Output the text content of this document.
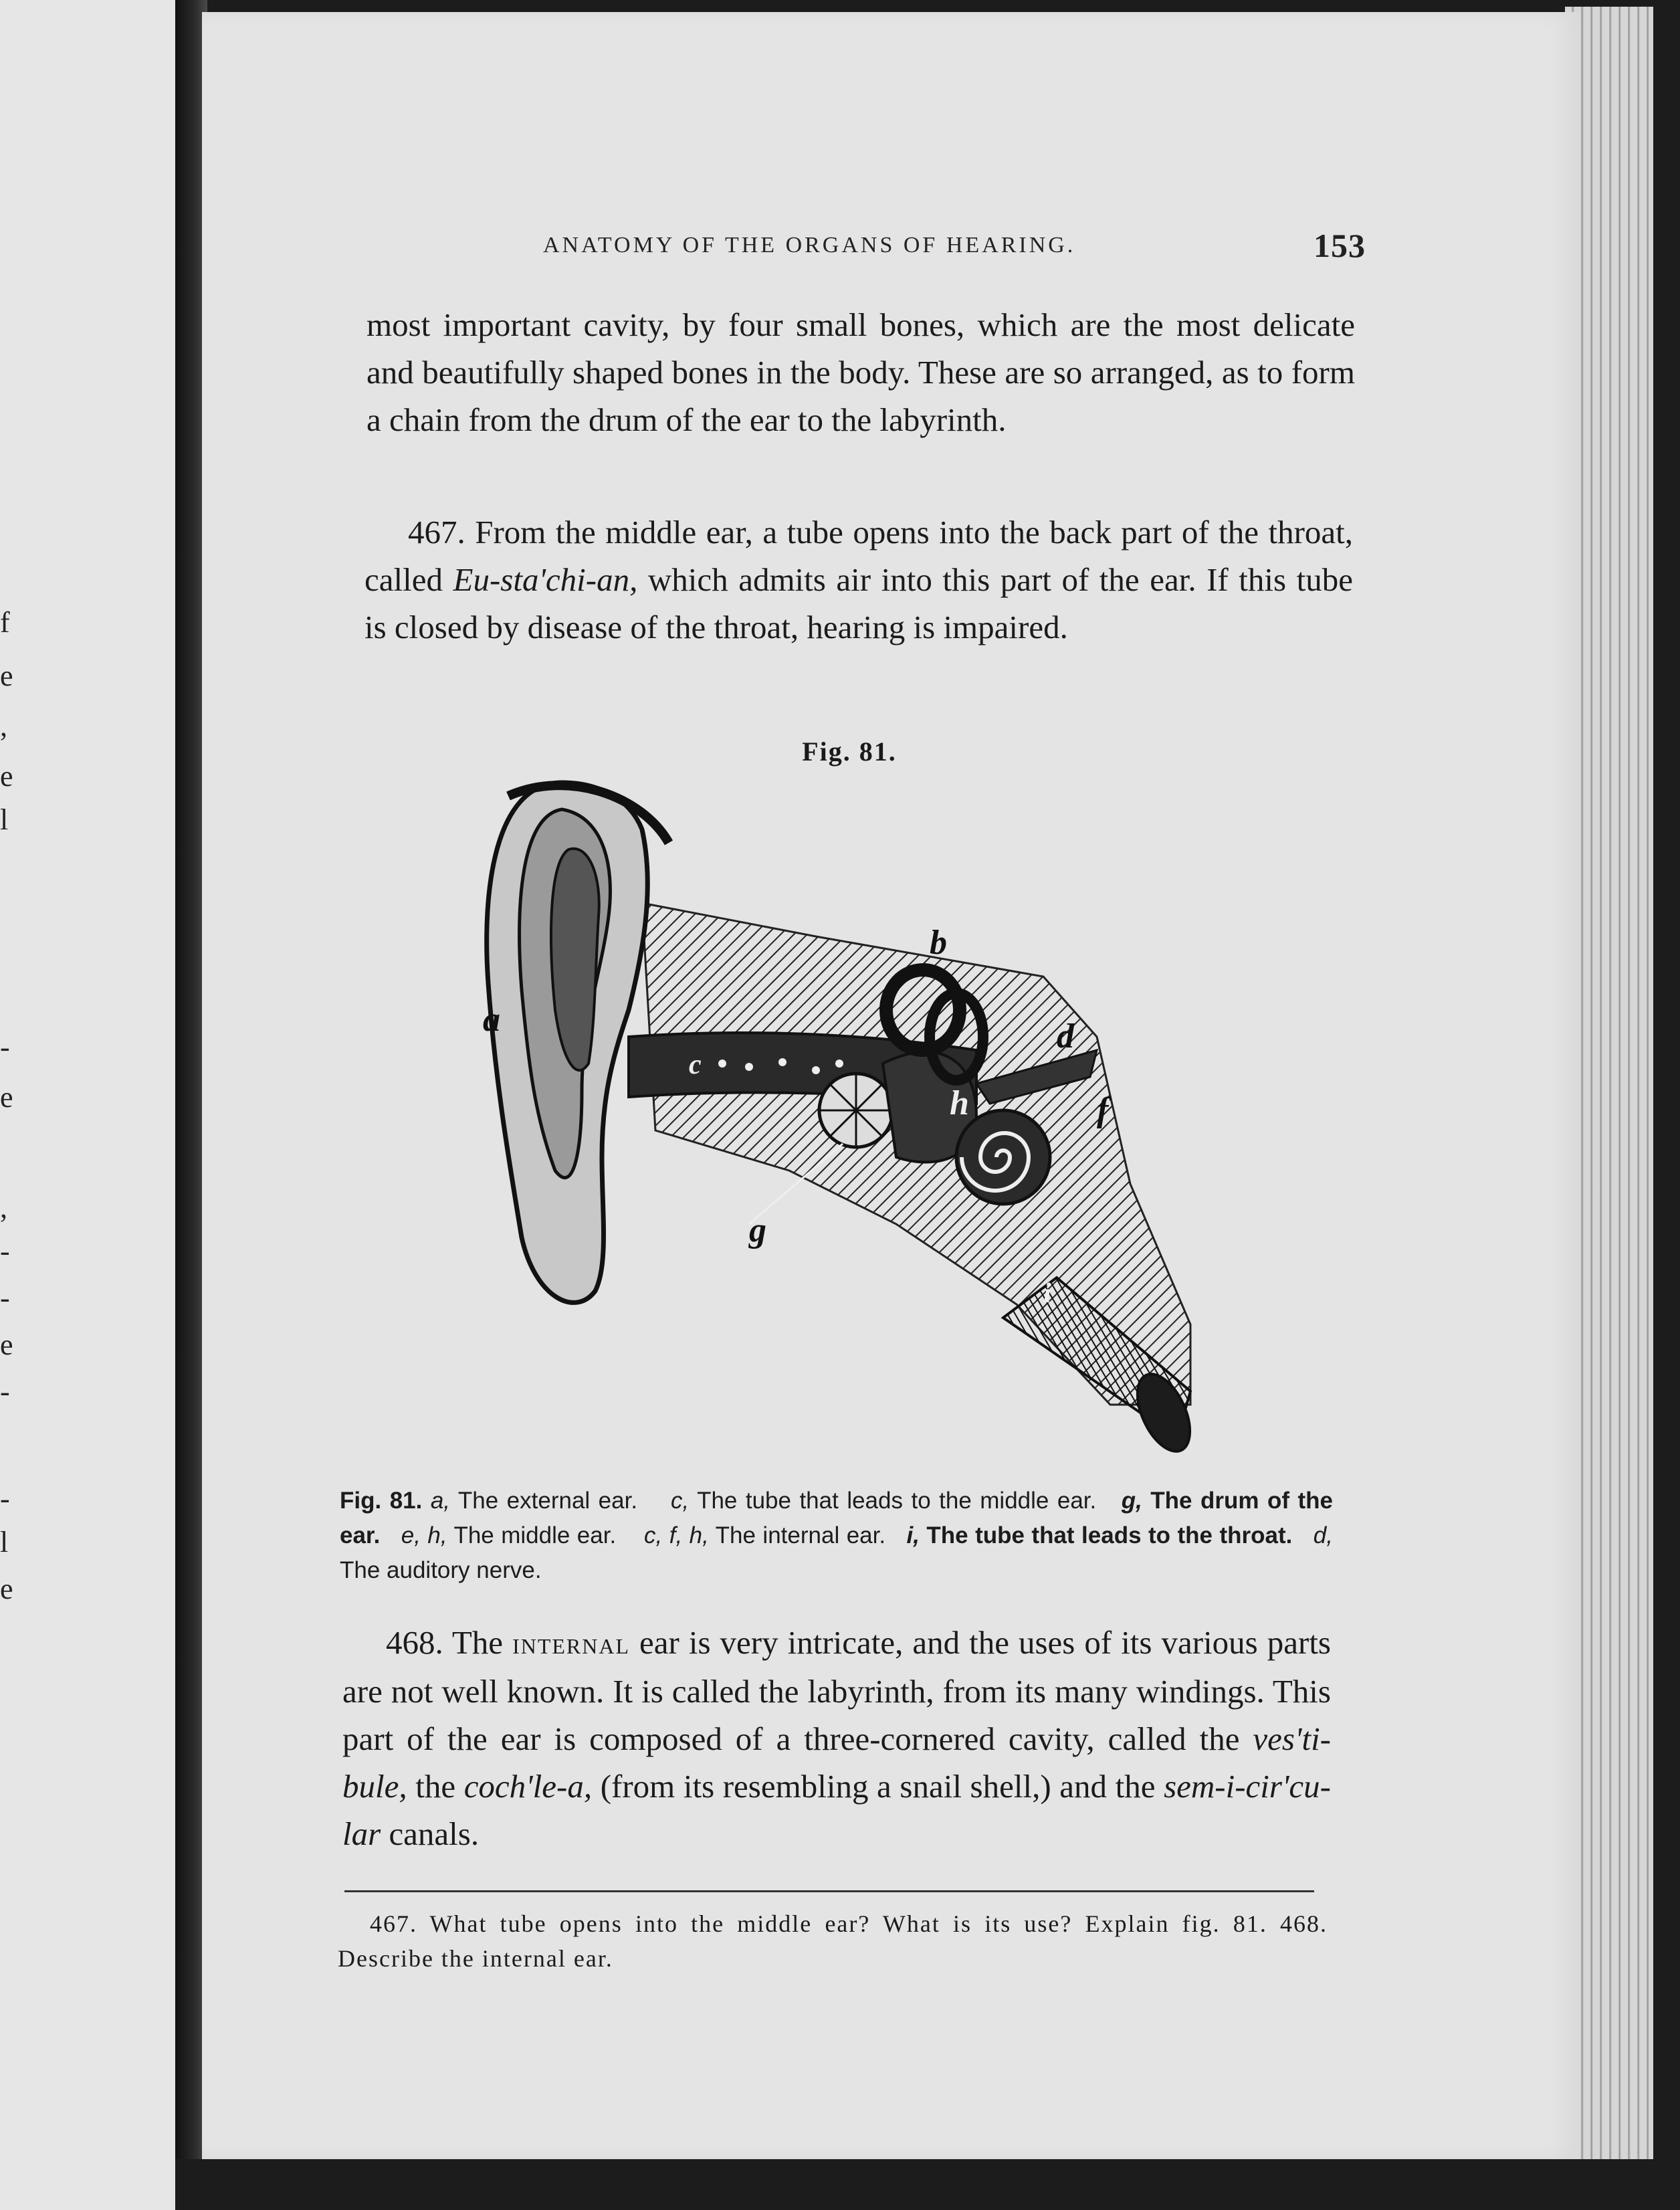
f
e
,
e
l
-
e
,
-
-
e
-
-
l
e
ANATOMY OF THE ORGANS OF HEARING.	153

most important cavity, by four small bones, which are the most delicate and beautifully shaped bones in the body. These are so arranged, as to form a chain from the drum of the ear to the labyrinth.

467. From the middle ear, a tube opens into the back part of the throat, called Eu-sta'chi-an, which admits air into this part of the ear. If this tube is closed by disease of the throat, hearing is impaired.

Fig. 81.
a
b
c
d
f
g
h
i
Fig. 81. a, The external ear. c, The tube that leads to the middle ear. g, The drum of the ear. e, h, The middle ear. c, f, h, The internal ear. i, The tube that leads to the throat. d, The auditory nerve.

468. The internal ear is very intricate, and the uses of its various parts are not well known. It is called the labyrinth, from its many windings. This part of the ear is composed of a three-cornered cavity, called the ves'ti-bule, the coch'le-a, (from its resembling a snail shell,) and the sem-i-cir'cu-lar canals.

467. What tube opens into the middle ear? What is its use? Explain fig. 81. 468. Describe the internal ear.
